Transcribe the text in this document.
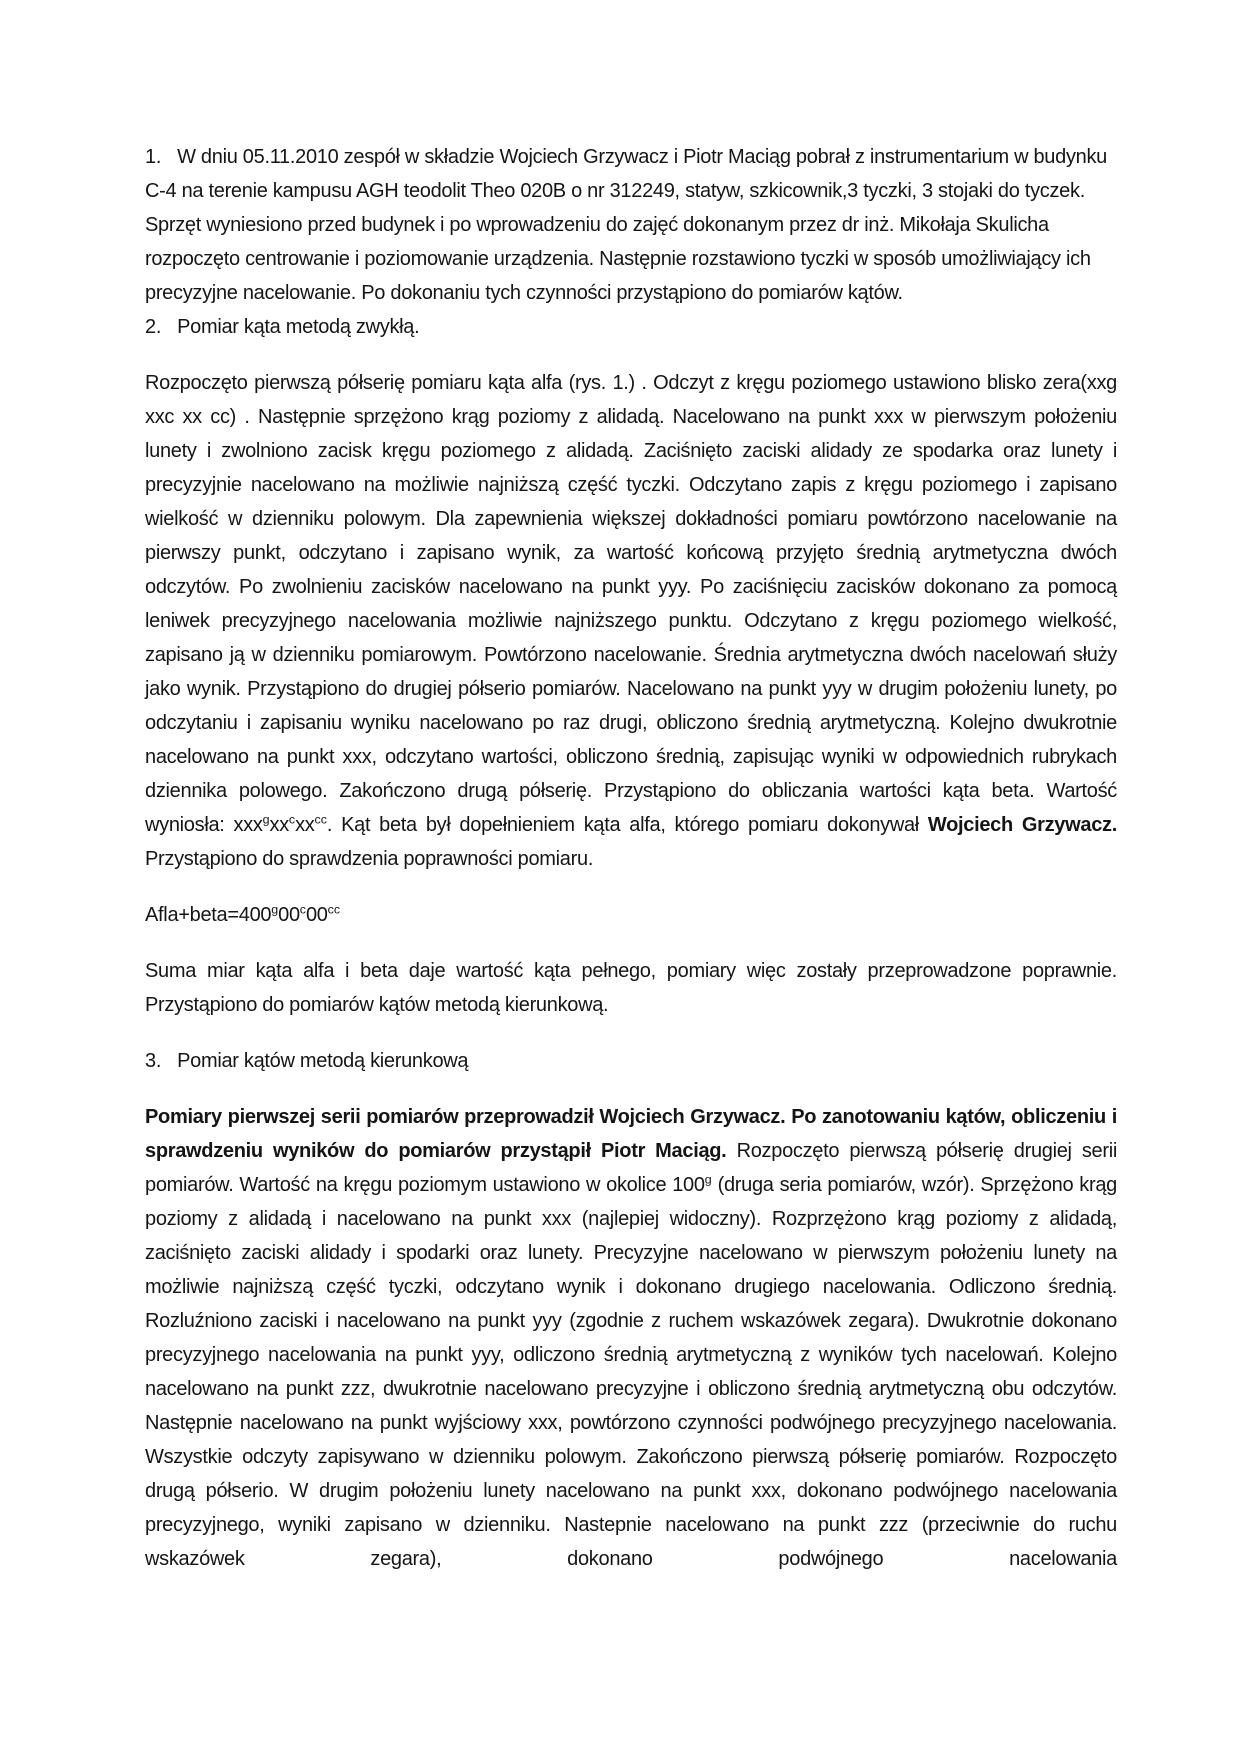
1. W dniu 05.11.2010 zespół w składzie Wojciech Grzywacz i Piotr Maciąg pobrał z instrumentarium w budynku C-4 na terenie kampusu AGH teodolit Theo 020B o nr 312249, statyw, szkicownik,3 tyczki, 3 stojaki do tyczek. Sprzęt wyniesiono przed budynek i po wprowadzeniu do zajęć dokonanym przez dr inż. Mikołaja Skulicha rozpoczęto centrowanie i poziomowanie urządzenia. Następnie rozstawiono tyczki w sposób umożliwiający ich precyzyjne nacelowanie. Po dokonaniu tych czynności przystąpiono do pomiarów kątów.

2. Pomiar kąta metodą zwykłą.

Rozpoczęto pierwszą półserię pomiaru kąta alfa (rys. 1.) . Odczyt z kręgu poziomego ustawiono blisko zera(xxg xxc xx cc) . Następnie sprzężono krąg poziomy z alidadą. Nacelowano na punkt xxx w pierwszym położeniu lunety i zwolniono zacisk kręgu poziomego z alidadą. Zaciśnięto zaciski alidady ze spodarka oraz lunety i precyzyjnie nacelowano na możliwie najniższą część tyczki. Odczytano zapis z kręgu poziomego i zapisano wielkość w dzienniku polowym. Dla zapewnienia większej dokładności pomiaru powtórzono nacelowanie na pierwszy punkt, odczytano i zapisano wynik, za wartość końcową przyjęto średnią arytmetyczna dwóch odczytów. Po zwolnieniu zacisków nacelowano na punkt yyy. Po zaciśnięciu zacisków dokonano za pomocą leniwek precyzyjnego nacelowania możliwie najniższego punktu. Odczytano z kręgu poziomego wielkość, zapisano ją w dzienniku pomiarowym. Powtórzono nacelowanie. Średnia arytmetyczna dwóch nacelowań służy jako wynik. Przystąpiono do drugiej półserio pomiarów. Nacelowano na punkt yyy w drugim położeniu lunety, po odczytaniu i zapisaniu wyniku nacelowano po raz drugi, obliczono średnią arytmetyczną. Kolejno dwukrotnie nacelowano na punkt xxx, odczytano wartości, obliczono średnią, zapisując wyniki w odpowiednich rubrykach dziennika polowego. Zakończono drugą półserię. Przystąpiono do obliczania wartości kąta beta. Wartość wyniosła: $xxx^gxx^cxx^{cc}$. Kąt beta był dopełnieniem kąta alfa, którego pomiaru dokonywał Wojciech Grzywacz. Przystąpiono do sprawdzenia poprawności pomiaru.

$Afla+beta=400^g00^c00^{cc}$

Suma miar kąta alfa i beta daje wartość kąta pełnego, pomiary więc zostały przeprowadzone poprawnie. Przystąpiono do pomiarów kątów metodą kierunkową.

3. Pomiar kątów metodą kierunkową

Pomiary pierwszej serii pomiarów przeprowadził Wojciech Grzywacz. Po zanotowaniu kątów, obliczeniu i sprawdzeniu wyników do pomiarów przystąpił Piotr Maciąg. Rozpoczęto pierwszą półserię drugiej serii pomiarów. Wartość na kręgu poziomym ustawiono w okolice 100$^g$ (druga seria pomiarów, wzór). Sprzężono krąg poziomy z alidadą i nacelowano na punkt xxx (najlepiej widoczny). Rozprzężono krąg poziomy z alidadą, zaciśnięto zaciski alidady i spodarki oraz lunety. Precyzyjne nacelowano w pierwszym położeniu lunety na możliwie najniższą część tyczki, odczytano wynik i dokonano drugiego nacelowania. Odliczono średnią. Rozluźniono zaciski i nacelowano na punkt yyy (zgodnie z ruchem wskazówek zegara). Dwukrotnie dokonano precyzyjnego nacelowania na punkt yyy, odliczono średnią arytmetyczną z wyników tych nacelowań. Kolejno nacelowano na punkt zzz, dwukrotnie nacelowano precyzyjne i obliczono średnią arytmetyczną obu odczytów. Następnie nacelowano na punkt wyjściowy xxx, powtórzono czynności podwójnego precyzyjnego nacelowania. Wszystkie odczyty zapisywano w dzienniku polowym. Zakończono pierwszą półserię pomiarów. Rozpoczęto drugą półserio. W drugim położeniu lunety nacelowano na punkt xxx, dokonano podwójnego nacelowania precyzyjnego, wyniki zapisano w dzienniku. Nastepnie nacelowano na punkt zzz (przeciwnie do ruchu wskazówek zegara), dokonano podwójnego nacelowania
